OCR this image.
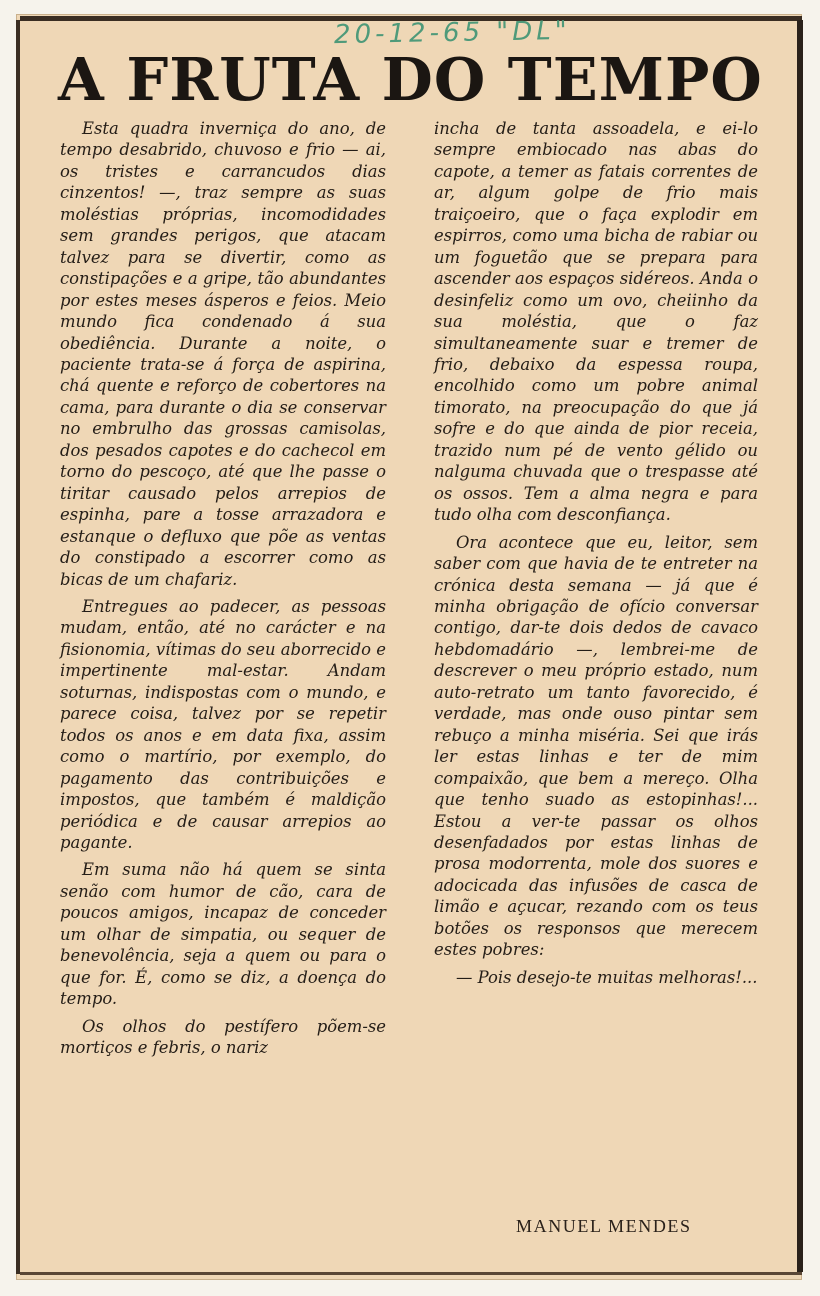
20-12-65 "DL"
A FRUTA DO TEMPO

Esta quadra inverniça do ano, de tempo desabrido, chuvoso e frio — ai, os tristes e carrancudos dias cinzentos! —, traz sempre as suas moléstias próprias, incomodidades sem grandes perigos, que atacam talvez para se divertir, como as constipações e a gripe, tão abundantes por estes meses ásperos e feios. Meio mundo fica condenado á sua obediência. Durante a noite, o paciente trata-se á força de aspirina, chá quente e reforço de cobertores na cama, para durante o dia se conservar no embrulho das grossas camisolas, dos pesados capotes e do cachecol em torno do pescoço, até que lhe passe o tiritar causado pelos arrepios de espinha, pare a tosse arrazadora e estanque o defluxo que põe as ventas do constipado a escorrer como as bicas de um chafariz.

Entregues ao padecer, as pessoas mudam, então, até no carácter e na fisionomia, vítimas do seu aborrecido e impertinente mal-estar. Andam soturnas, indispostas com o mundo, e parece coisa, talvez por se repetir todos os anos e em data fixa, assim como o martírio, por exemplo, do pagamento das contribuições e impostos, que também é maldição periódica e de causar arrepios ao pagante.

Em suma não há quem se sinta senão com humor de cão, cara de poucos amigos, incapaz de conceder um olhar de simpatia, ou sequer de benevolência, seja a quem ou para o que for. É, como se diz, a doença do tempo.

Os olhos do pestífero põem-se mortiços e febris, o nariz

incha de tanta assoadela, e ei-lo sempre embiocado nas abas do capote, a temer as fatais correntes de ar, algum golpe de frio mais traiçoeiro, que o faça explodir em espirros, como uma bicha de rabiar ou um foguetão que se prepara para ascender aos espaços sidéreos. Anda o desinfeliz como um ovo, cheiinho da sua moléstia, que o faz simultaneamente suar e tremer de frio, debaixo da espessa roupa, encolhido como um pobre animal timorato, na preocupação do que já sofre e do que ainda de pior receia, trazido num pé de vento gélido ou nalguma chuvada que o trespasse até os ossos. Tem a alma negra e para tudo olha com desconfiança.

Ora acontece que eu, leitor, sem saber com que havia de te entreter na crónica desta semana — já que é minha obrigação de ofício conversar contigo, dar-te dois dedos de cavaco hebdomadário —, lembrei-me de descrever o meu próprio estado, num auto-retrato um tanto favorecido, é verdade, mas onde ouso pintar sem rebuço a minha miséria. Sei que irás ler estas linhas e ter de mim compaixão, que bem a mereço. Olha que tenho suado as estopinhas!... Estou a ver-te passar os olhos desenfadados por estas linhas de prosa modorrenta, mole dos suores e adocicada das infusões de casca de limão e açucar, rezando com os teus botões os responsos que merecem estes pobres:

— Pois desejo-te muitas melhoras!...

MANUEL MENDES
